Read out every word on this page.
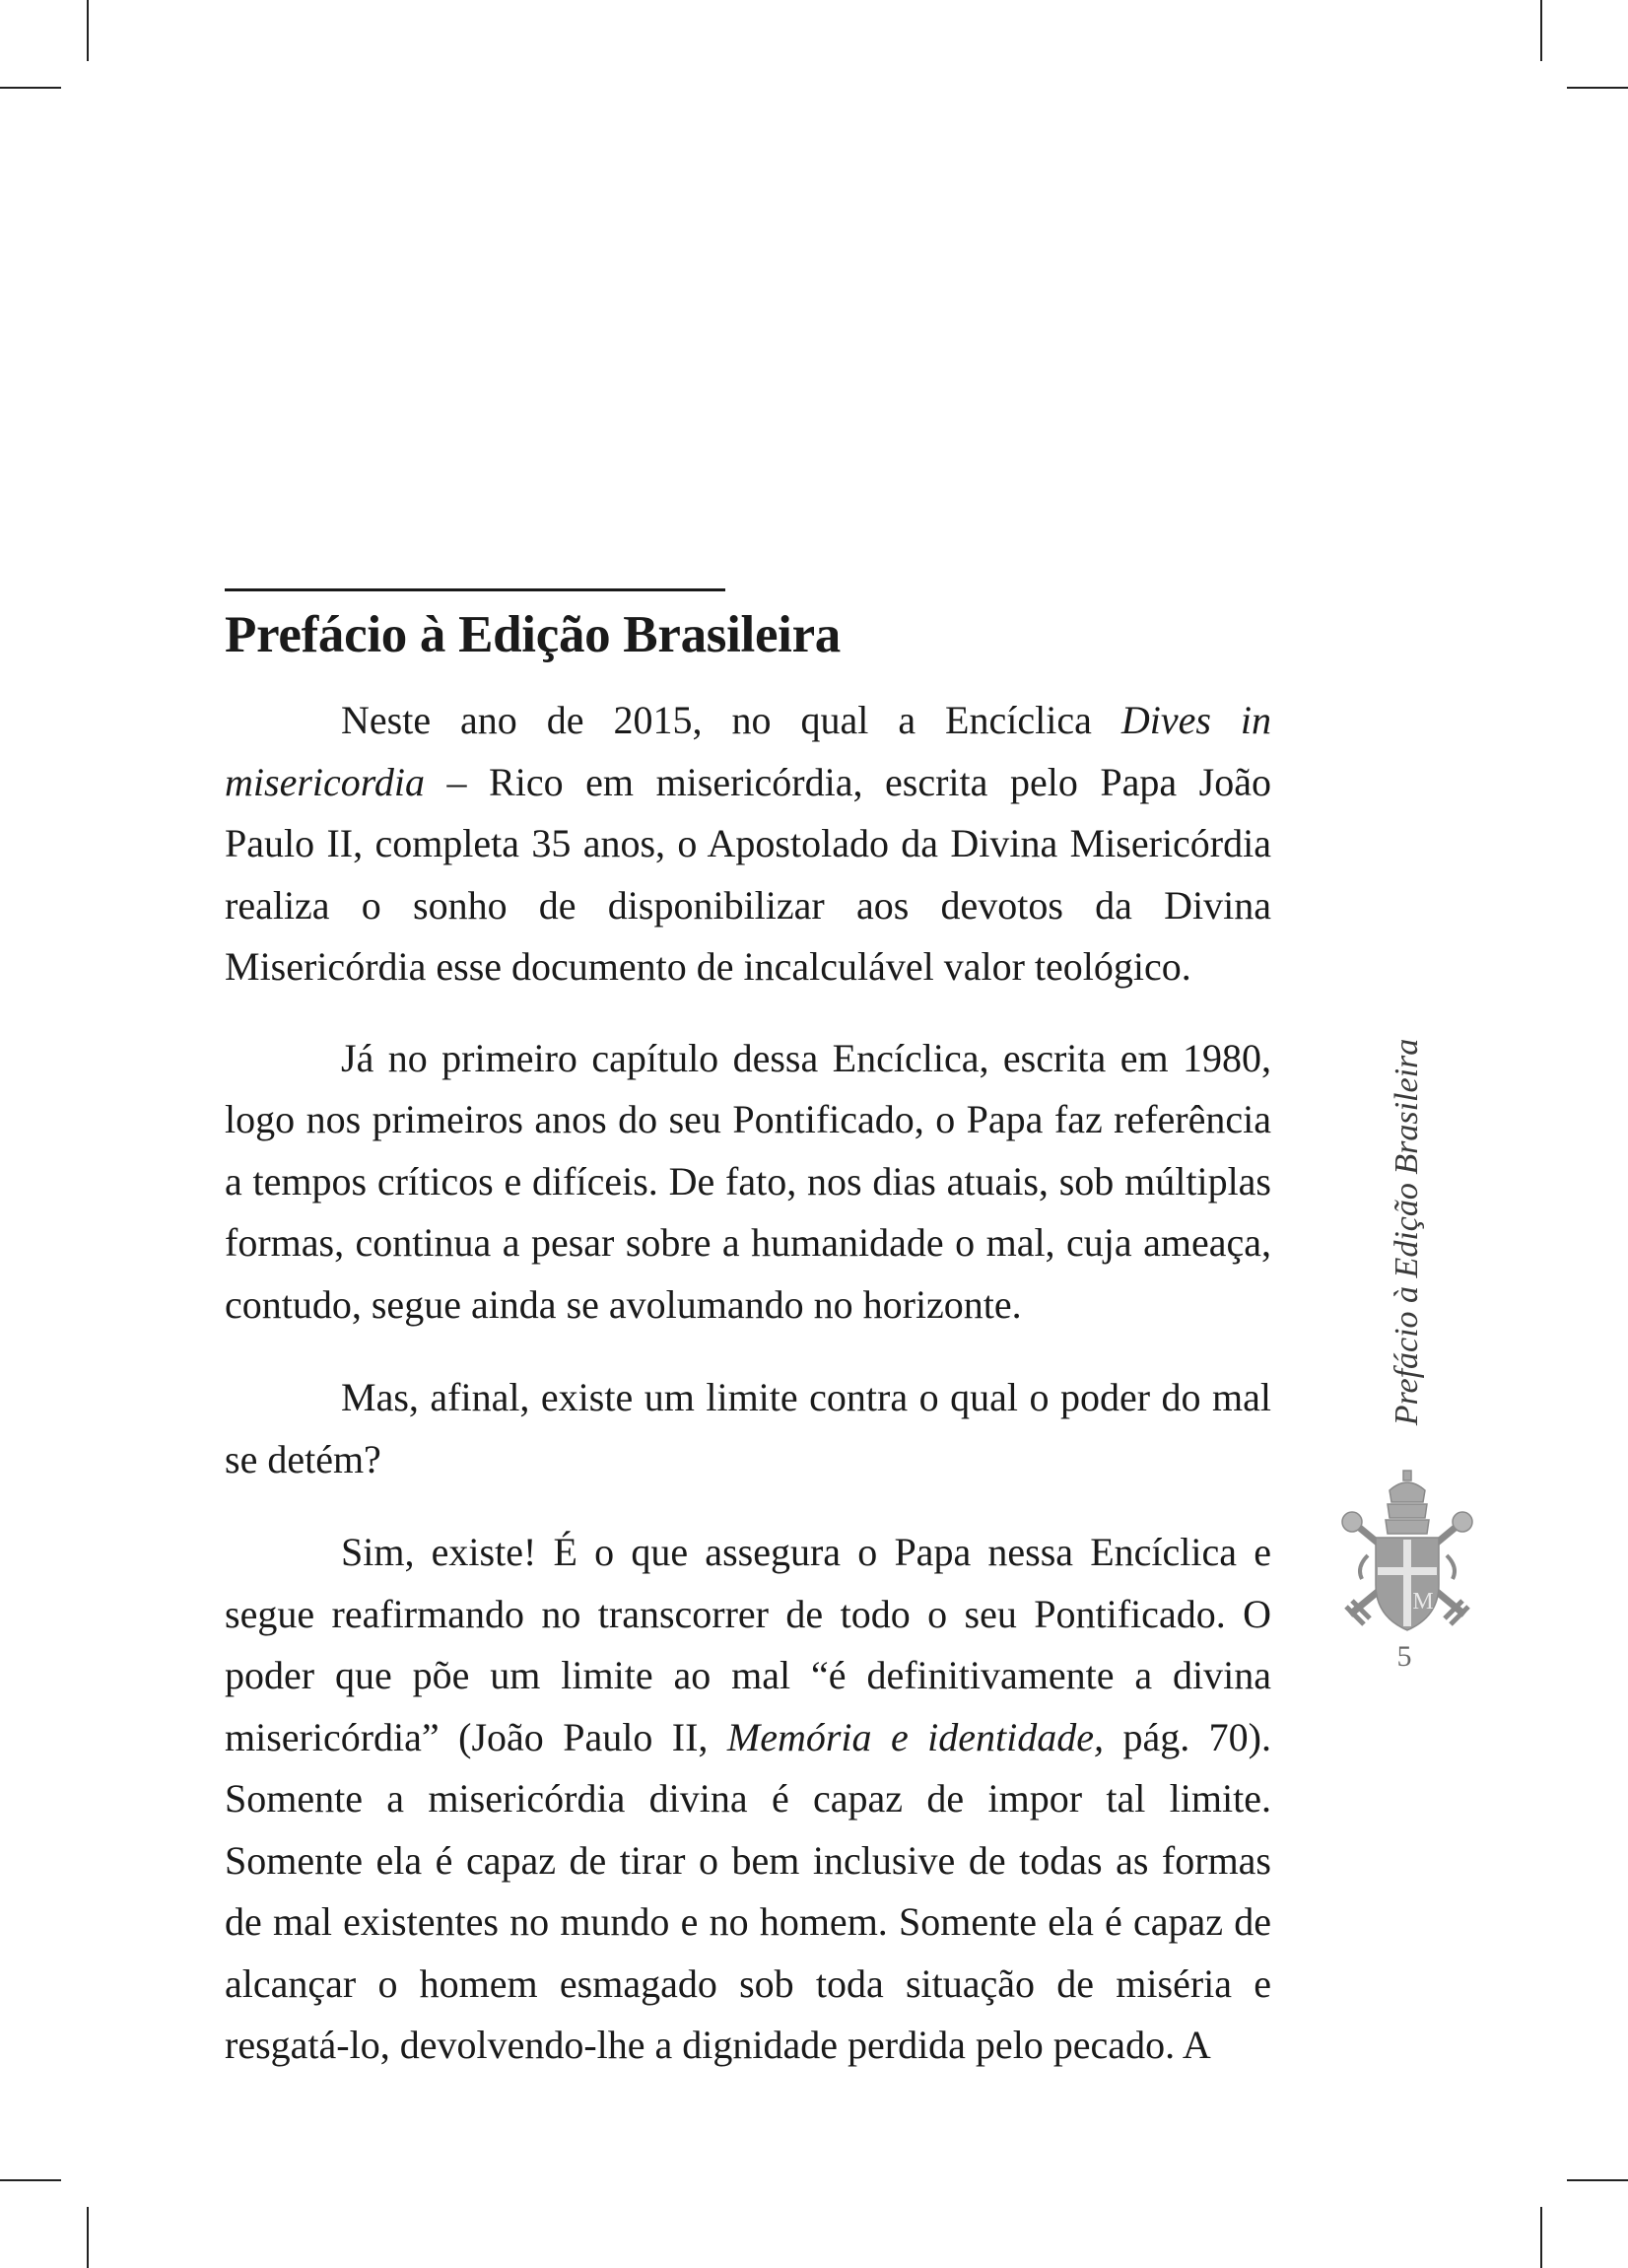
Prefácio à Edição Brasileira

Neste ano de 2015, no qual a Encíclica Dives in misericordia – Rico em misericórdia, escrita pelo Papa João Paulo II, completa 35 anos, o Apostolado da Divina Misericórdia realiza o sonho de disponibilizar aos devotos da Divina Misericórdia esse documento de incalculável valor teológico.

Já no primeiro capítulo dessa Encíclica, escrita em 1980, logo nos primeiros anos do seu Pontificado, o Papa faz referência a tempos críticos e difíceis. De fato, nos dias atuais, sob múltiplas formas, continua a pesar sobre a humanidade o mal, cuja ameaça, contudo, segue ainda se avolumando no horizonte.

Mas, afinal, existe um limite contra o qual o poder do mal se detém?

Sim, existe! É o que assegura o Papa nessa Encíclica e segue reafirmando no transcorrer de todo o seu Pontificado. O poder que põe um limite ao mal “é definitivamente a divina misericórdia” (João Paulo II, Memória e identidade, pág. 70). Somente a misericórdia divina é capaz de impor tal limite. Somente ela é capaz de tirar o bem inclusive de todas as formas de mal existentes no mundo e no homem. Somente ela é capaz de alcançar o homem esmagado sob toda situação de miséria e resgatá-lo, devolvendo-lhe a dignidade perdida pelo pecado. A

Prefácio à Edição Brasileira
M
5
